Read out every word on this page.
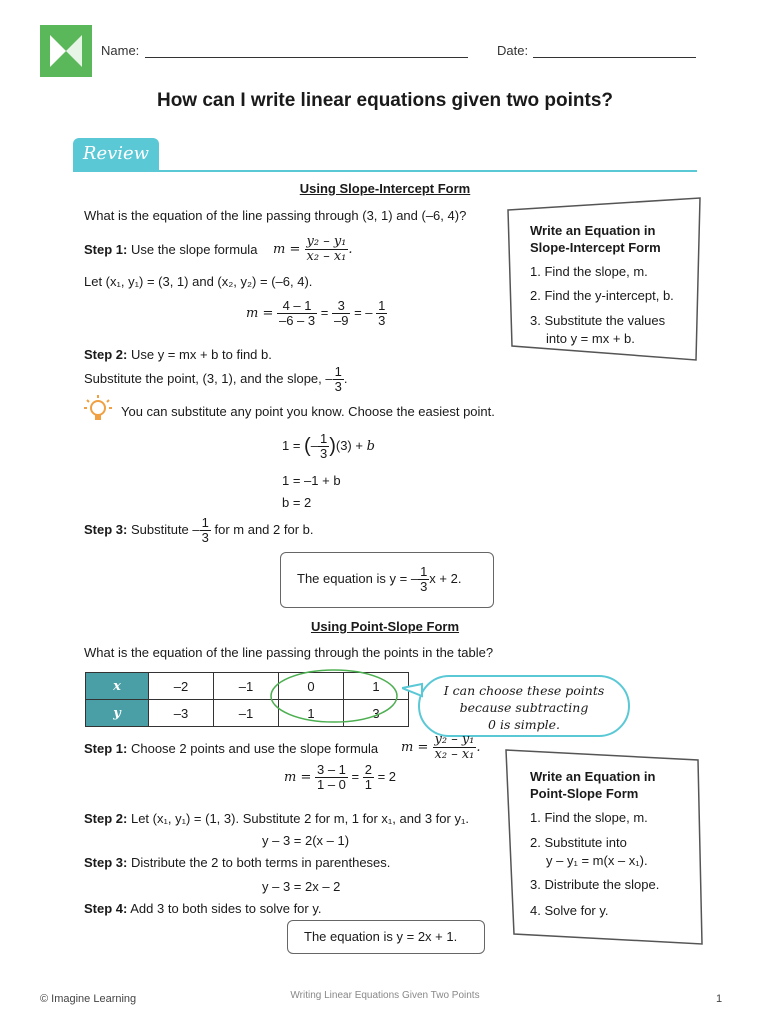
Name:	Date:
How can I write linear equations given two points?
Review
Using Slope-Intercept Form
What is the equation of the line passing through (3, 1) and (–6, 4)?
Step 1: Use the slope formula $m = \frac{\text{y₂ – y₁}}{\text{x₂ – x₁}}$ .
Let (x₁, y₁) = (3, 1) and (x₂, y₂) = (–6, 4).
$m = \frac{4 - 1}{-6 - 3} = \frac{3}{-9}$ = – $\frac{1}{3}$
Step 2: Use y = mx + b to find b.
Substitute the point, (3, 1), and the slope, – $\frac{1}{3}$ .
You can substitute any point you know. Choose the easiest point.
1 = (– $\frac{1}{3} )(3) + b$
1 = –1 + b
b = 2
Step 3: Substitute – $\frac{1}{3}$ for m and 2 for b.
The equation is y = – $\frac{1}{3}$ x + 2.
Write an Equation in Slope-Intercept Form
1. Find the slope, m.
2. Find the y-intercept, b.
3. Substitute the values
into y = mx + b.
Using Point-Slope Form
What is the equation of the line passing through the points in the table?
x	–2	–1	0	1
y	–3	–1	1	3
I can choose these points
because subtracting
0 is simple.
Step 1: Choose 2 points and use the slope formula $m = \frac{\text{y₂ – y₁}}{\text{x₂ – x₁}}$ .
$m = \frac{3 - 1}{1 - 0} = \frac{2}{1} = 2$
Step 2: Let (x₁, y₁) = (1, 3). Substitute 2 for m, 1 for x₁, and 3 for y₁.
y – 3 = 2(x – 1)
Step 3: Distribute the 2 to both terms in parentheses.
y – 3 = 2x – 2
Step 4: Add 3 to both sides to solve for y.
The equation is y = 2x + 1.
Write an Equation in Point-Slope Form
1. Find the slope, m.
2. Substitute into
y – y₁ = m(x – x₁).
3. Distribute the slope.
4. Solve for y.
© Imagine Learning	Writing Linear Equations Given Two Points	1
